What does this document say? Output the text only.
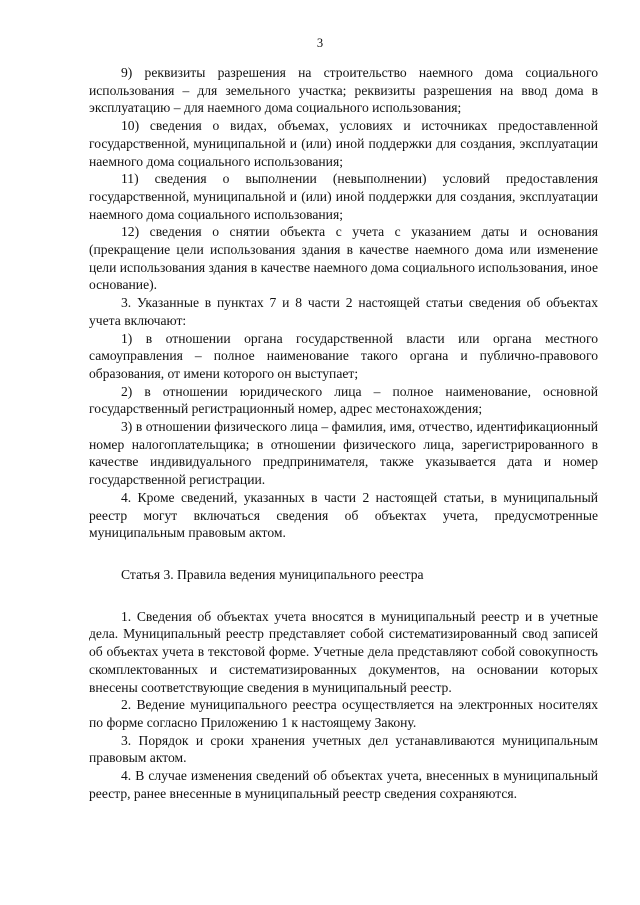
3

9) реквизиты разрешения на строительство наемного дома социального использования – для земельного участка; реквизиты разрешения на ввод дома в эксплуатацию – для наемного дома социального использования;

10) сведения о видах, объемах, условиях и источниках предоставленной государственной, муниципальной и (или) иной поддержки для создания, эксплуатации наемного дома социального использования;

11) сведения о выполнении (невыполнении) условий предоставления государственной, муниципальной и (или) иной поддержки для создания, эксплуатации наемного дома социального использования;

12) сведения о снятии объекта с учета с указанием даты и основания (прекращение цели использования здания в качестве наемного дома или изменение цели использования здания в качестве наемного дома социального использования, иное основание).

3. Указанные в пунктах 7 и 8 части 2 настоящей статьи сведения об объектах учета включают:

1) в отношении органа государственной власти или органа местного самоуправления – полное наименование такого органа и публично-правового образования, от имени которого он выступает;

2) в отношении юридического лица – полное наименование, основной государственный регистрационный номер, адрес местонахождения;

3) в отношении физического лица – фамилия, имя, отчество, идентификационный номер налогоплательщика; в отношении физического лица, зарегистрированного в качестве индивидуального предпринимателя, также указывается дата и номер государственной регистрации.

4. Кроме сведений, указанных в части 2 настоящей статьи, в муниципальный реестр могут включаться сведения об объектах учета, предусмотренные муниципальным правовым актом.

Статья 3. Правила ведения муниципального реестра

1. Сведения об объектах учета вносятся в муниципальный реестр и в учетные дела. Муниципальный реестр представляет собой систематизированный свод записей об объектах учета в текстовой форме. Учетные дела представляют собой совокупность скомплектованных и систематизированных документов, на основании которых внесены соответствующие сведения в муниципальный реестр.

2. Ведение муниципального реестра осуществляется на электронных носителях по форме согласно Приложению 1 к настоящему Закону.

3. Порядок и сроки хранения учетных дел устанавливаются муниципальным правовым актом.

4. В случае изменения сведений об объектах учета, внесенных в муниципальный реестр, ранее внесенные в муниципальный реестр сведения сохраняются.
